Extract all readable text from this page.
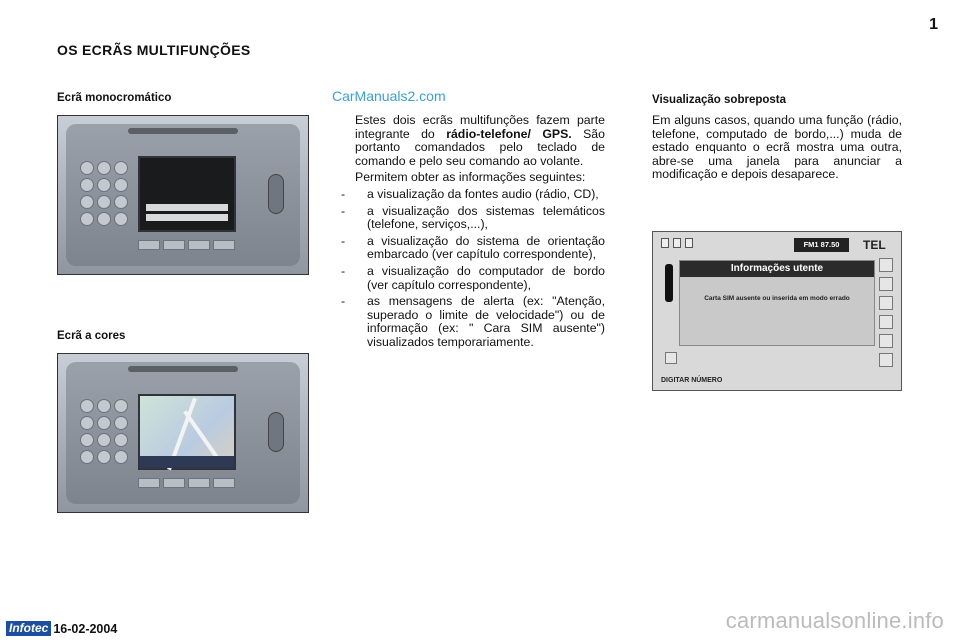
1
OS ECRÃS MULTIFUNÇÕES
CarManuals2.com
Ecrã monocromático
Ecrã a cores

Estes dois ecrãs multifunções fazem parte integrante do rádio-telefone/ GPS. São portanto comandados pelo teclado de comando e pelo seu comando ao volante.

Permitem obter as informações seguintes:

- a visualização da fontes audio (rádio, CD),
- a visualização dos sistemas telemáticos (telefone, serviços,...),
- a visualização do sistema de orientação embarcado (ver capítulo correspondente),
- a visualização do computador de bordo (ver capítulo correspondente),
- as mensagens de alerta (ex: "Atenção, superado o limite de velocidade") ou de informação (ex: " Cara SIM ausente") visualizados temporariamente.
Visualização sobreposta
Em alguns casos, quando uma função (rádio, telefone, computado de bordo,...) muda de estado enquanto o ecrã mostra uma outra, abre-se uma janela para anunciar a modificação e depois desaparece.
FM1 87.50	TEL
Informações utente
Carta SIM ausente ou inserida em modo errado
DIGITAR NÚMERO
Infotec 16-02-2004	carmanualsonline.info
